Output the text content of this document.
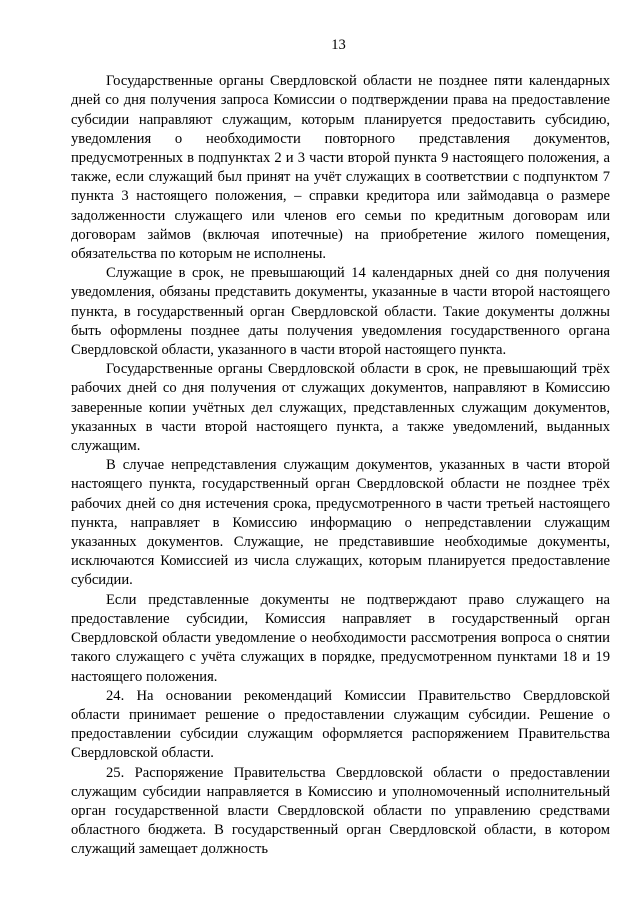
13

Государственные органы Свердловской области не позднее пяти календарных дней со дня получения запроса Комиссии о подтверждении права на предоставление субсидии направляют служащим, которым планируется предоставить субсидию, уведомления о необходимости повторного представления документов, предусмотренных в подпунктах 2 и 3 части второй пункта 9 настоящего положения, а также, если служащий был принят на учёт служащих в соответствии с подпунктом 7 пункта 3 настоящего положения, – справки кредитора или займодавца о размере задолженности служащего или членов его семьи по кредитным договорам или договорам займов (включая ипотечные) на приобретение жилого помещения, обязательства по которым не исполнены.

Служащие в срок, не превышающий 14 календарных дней со дня получения уведомления, обязаны представить документы, указанные в части второй настоящего пункта, в государственный орган Свердловской области. Такие документы должны быть оформлены позднее даты получения уведомления государственного органа Свердловской области, указанного в части второй настоящего пункта.

Государственные органы Свердловской области в срок, не превышающий трёх рабочих дней со дня получения от служащих документов, направляют в Комиссию заверенные копии учётных дел служащих, представленных служащим документов, указанных в части второй настоящего пункта, а также уведомлений, выданных служащим.

В случае непредставления служащим документов, указанных в части второй настоящего пункта, государственный орган Свердловской области не позднее трёх рабочих дней со дня истечения срока, предусмотренного в части третьей настоящего пункта, направляет в Комиссию информацию о непредставлении служащим указанных документов. Служащие, не представившие необходимые документы, исключаются Комиссией из числа служащих, которым планируется предоставление субсидии.

Если представленные документы не подтверждают право служащего на предоставление субсидии, Комиссия направляет в государственный орган Свердловской области уведомление о необходимости рассмотрения вопроса о снятии такого служащего с учёта служащих в порядке, предусмотренном пунктами 18 и 19 настоящего положения.

24. На основании рекомендаций Комиссии Правительство Свердловской области принимает решение о предоставлении служащим субсидии. Решение о предоставлении субсидии служащим оформляется распоряжением Правительства Свердловской области.

25. Распоряжение Правительства Свердловской области о предоставлении служащим субсидии направляется в Комиссию и уполномоченный исполнительный орган государственной власти Свердловской области по управлению средствами областного бюджета. В государственный орган Свердловской области, в котором служащий замещает должность
